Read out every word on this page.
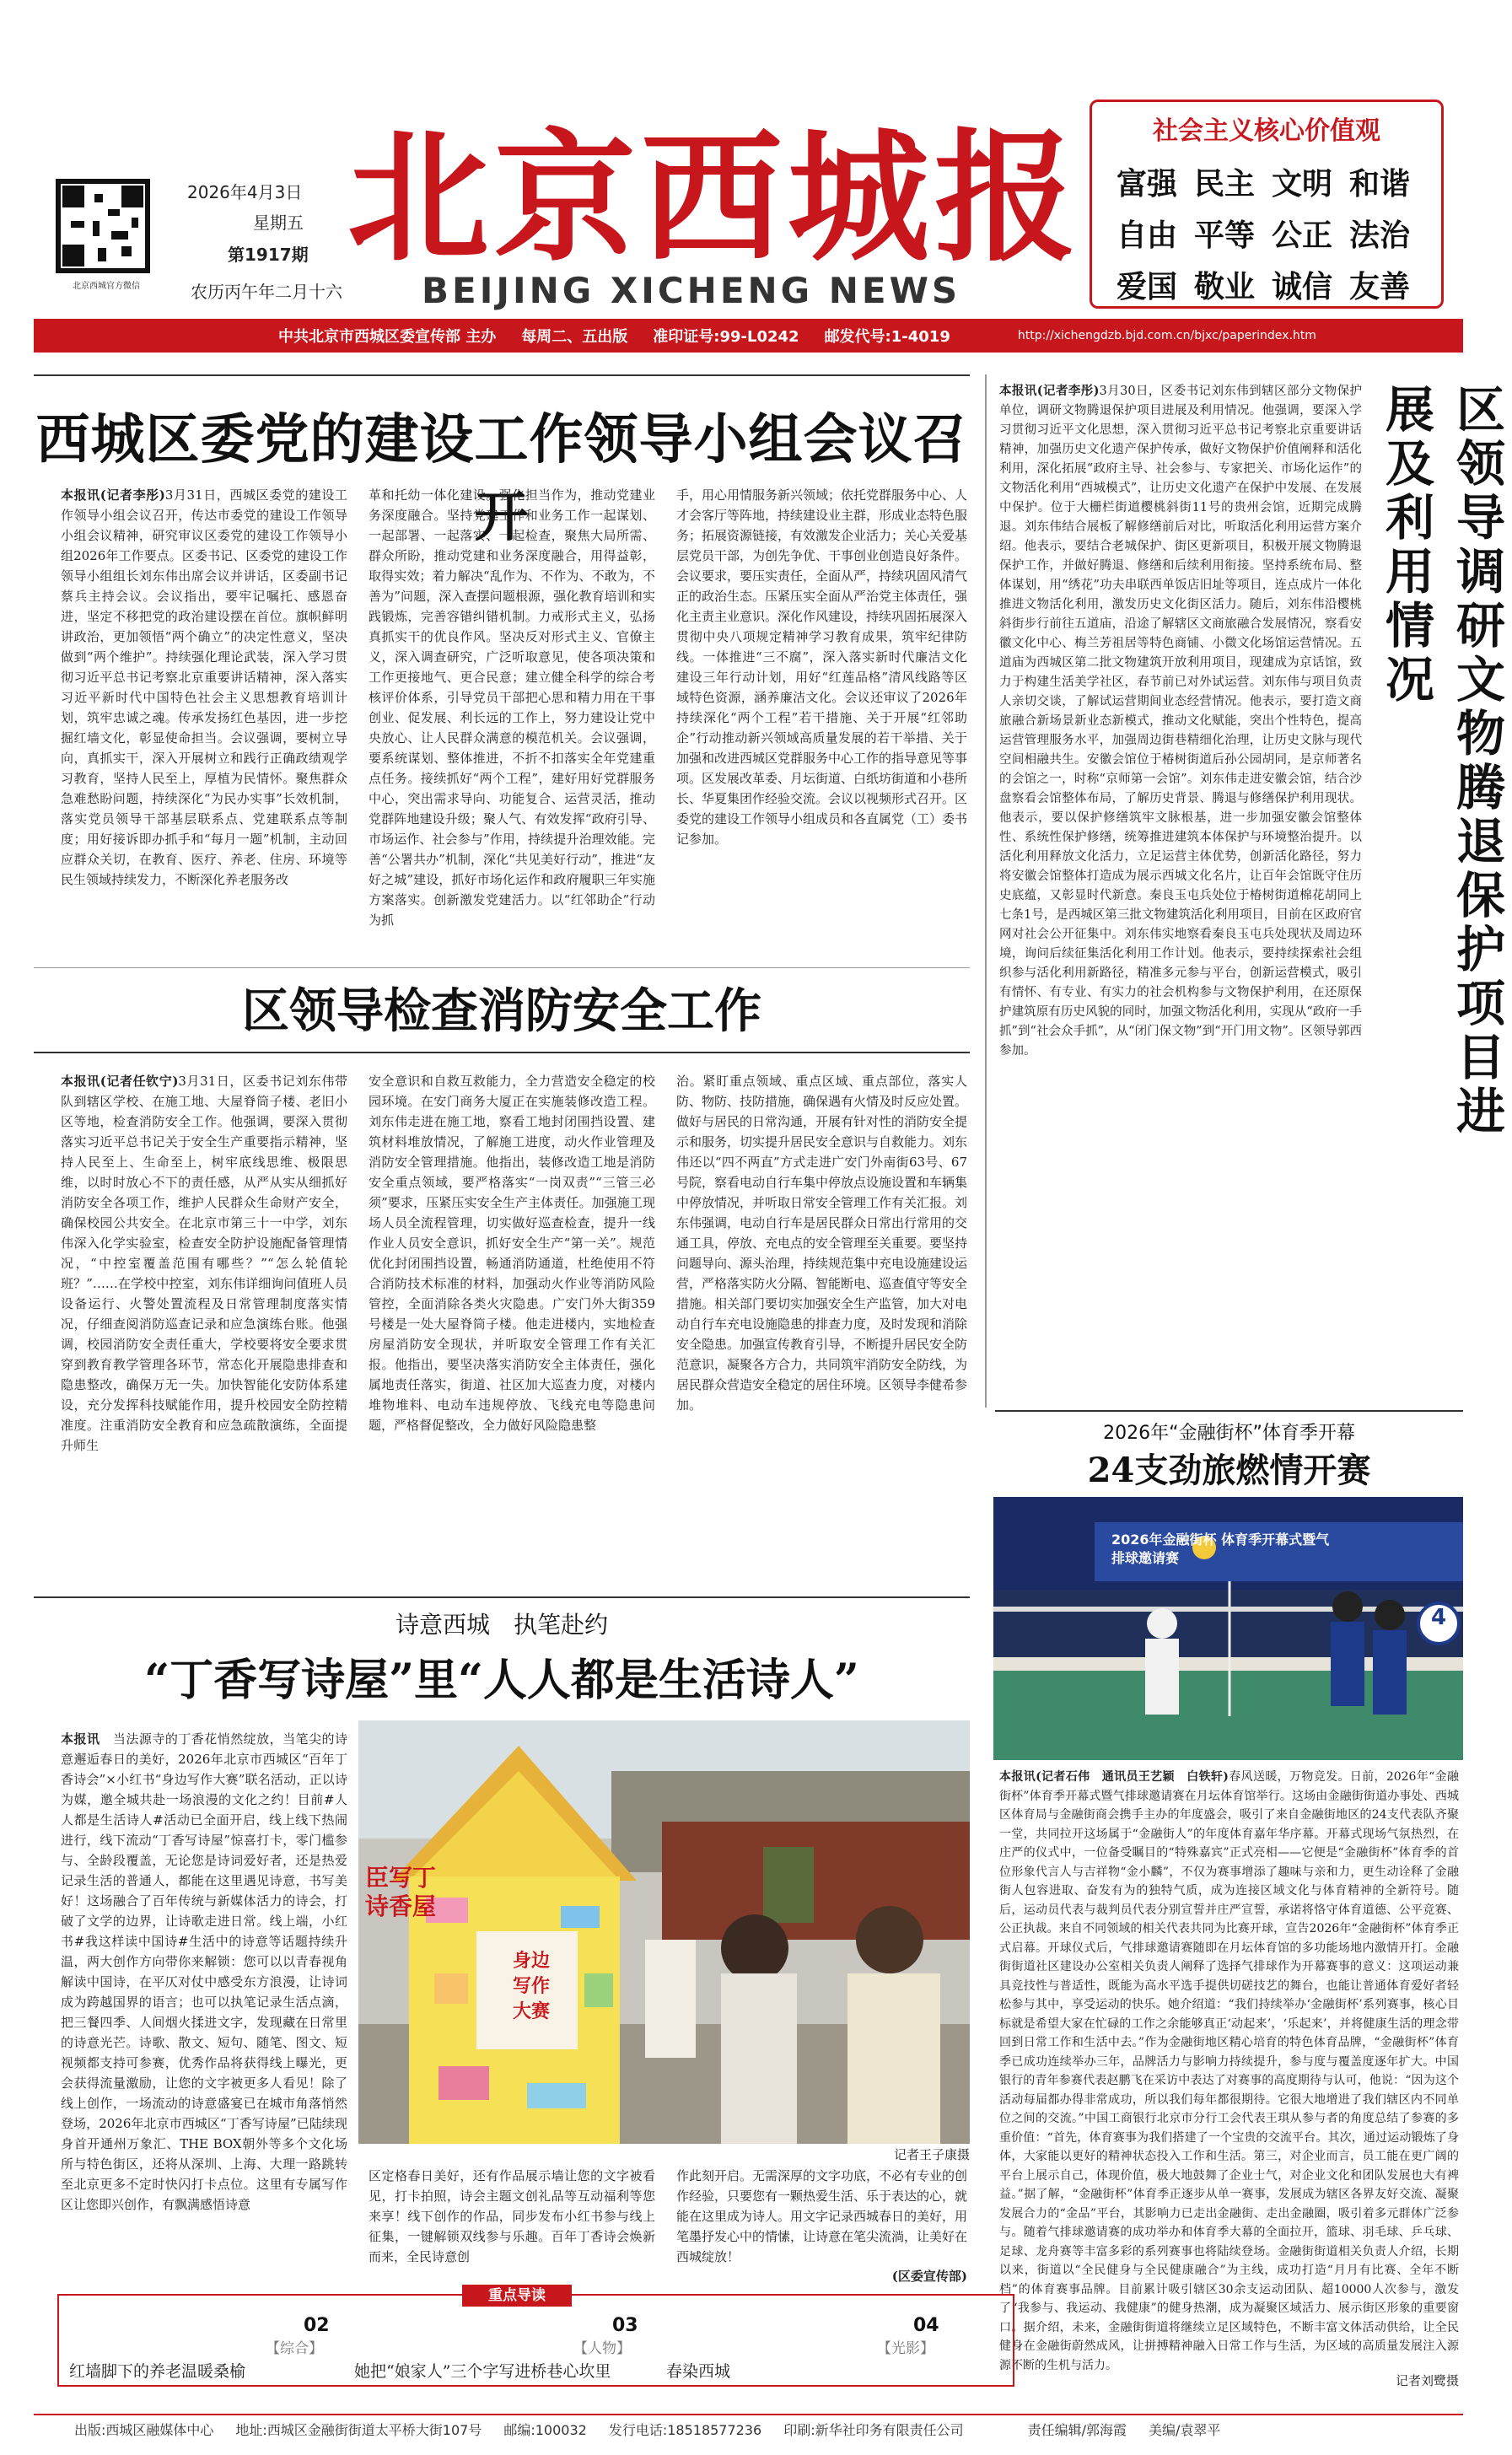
北京西城官方微信
2026年4月3日
星期五
第1917期
农历丙午年二月十六
北京西城报
BEIJING XICHENG NEWS
社会主义核心价值观
富强 民主 文明 和谐
自由 平等 公正 法治
爱国 敬业 诚信 友善
中共北京市西城区委宣传部 主办 每周二、五出版 准印证号:99-L0242 邮发代号:1-4019	http://xichengdzb.bjd.com.cn/bjxc/paperindex.htm
西城区委党的建设工作领导小组会议召开
本报讯(记者李彤)3月31日，西城区委党的建设工作领导小组会议召开，传达市委党的建设工作领导小组会议精神，研究审议区委党的建设工作领导小组2026年工作要点。区委书记、区委党的建设工作领导小组组长刘东伟出席会议并讲话，区委副书记蔡兵主持会议。会议指出，要牢记嘱托、感恩奋进，坚定不移把党的政治建设摆在首位。旗帜鲜明讲政治，更加领悟“两个确立”的决定性意义，坚决做到“两个维护”。持续强化理论武装，深入学习贯彻习近平总书记考察北京重要讲话精神，深入落实习近平新时代中国特色社会主义思想教育培训计划，筑牢忠诚之魂。传承发扬红色基因，进一步挖掘红墙文化，彰显使命担当。会议强调，要树立导向，真抓实干，深入开展树立和践行正确政绩观学习教育，坚持人民至上，厚植为民情怀。聚焦群众急难愁盼问题，持续深化“为民办实事”长效机制，落实党员领导干部基层联系点、党建联系点等制度；用好接诉即办抓手和“每月一题”机制，主动回应群众关切，在教育、医疗、养老、住房、环境等民生领域持续发力，不断深化养老服务改
革和托幼一体化建设。强化担当作为，推动党建业务深度融合。坚持党建工作和业务工作一起谋划、一起部署、一起落实、一起检查，聚焦大局所需、群众所盼，推动党建和业务深度融合，用得益彰，取得实效；着力解决“乱作为、不作为、不敢为，不善为”问题，深入查摆问题根源，强化教育培训和实践锻炼，完善容错纠错机制。力戒形式主义，弘扬真抓实干的优良作风。坚决反对形式主义、官僚主义，深入调查研究，广泛听取意见，使各项决策和工作更接地气、更合民意；建立健全科学的综合考核评价体系，引导党员干部把心思和精力用在干事创业、促发展、利长远的工作上，努力建设让党中央放心、让人民群众满意的模范机关。会议强调，要系统谋划、整体推进，不折不扣落实全年党建重点任务。接续抓好“两个工程”，建好用好党群服务中心，突出需求导向、功能复合、运营灵活，推动党群阵地建设升级；聚人气、有效发挥“政府引导、市场运作、社会参与”作用，持续提升治理效能。完善“公署共办”机制，深化“共见美好行动”，推进“友好之城”建设，抓好市场化运作和政府履职三年实施方案落实。创新激发党建活力。以“红邻助企”行动为抓
手，用心用情服务新兴领域；依托党群服务中心、人才会客厅等阵地，持续建设业主群，形成业态特色服务；拓展资源链接，有效激发企业活力；关心关爱基层党员干部，为创先争优、干事创业创造良好条件。会议要求，要压实责任，全面从严，持续巩固风清气正的政治生态。压紧压实全面从严治党主体责任，强化主责主业意识。深化作风建设，持续巩固拓展深入贯彻中央八项规定精神学习教育成果，筑牢纪律防线。一体推进“三不腐”，深入落实新时代廉洁文化建设三年行动计划，用好“红莲品格”清风线路等区域特色资源，涵养廉洁文化。会议还审议了2026年持续深化“两个工程”若干措施、关于开展“红邻助企”行动推动新兴领域高质量发展的若干举措、关于加强和改进西城区党群服务中心工作的指导意见等事项。区发展改革委、月坛街道、白纸坊街道和小巷所长、华夏集团作经验交流。会议以视频形式召开。区委党的建设工作领导小组成员和各直属党（工）委书记参加。
区领导检查消防安全工作
本报讯(记者任钦宁)3月31日，区委书记刘东伟带队到辖区学校、在施工地、大屋脊筒子楼、老旧小区等地，检查消防安全工作。他强调，要深入贯彻落实习近平总书记关于安全生产重要指示精神，坚持人民至上、生命至上，树牢底线思维、极限思维，以时时放心不下的责任感，从严从实从细抓好消防安全各项工作，维护人民群众生命财产安全，确保校园公共安全。在北京市第三十一中学，刘东伟深入化学实验室，检查安全防护设施配备管理情况，“中控室覆盖范围有哪些？”“怎么轮值轮班？”……在学校中控室，刘东伟详细询问值班人员设备运行、火警处置流程及日常管理制度落实情况，仔细查阅消防巡查记录和应急演练台账。他强调，校园消防安全责任重大，学校要将安全要求贯穿到教育教学管理各环节，常态化开展隐患排查和隐患整改，确保万无一失。加快智能化安防体系建设，充分发挥科技赋能作用，提升校园安全防控精准度。注重消防安全教育和应急疏散演练，全面提升师生
安全意识和自救互救能力，全力营造安全稳定的校园环境。在安门商务大厦正在实施装修改造工程。刘东伟走进在施工地，察看工地封闭围挡设置、建筑材料堆放情况，了解施工进度，动火作业管理及消防安全管理措施。他指出，装修改造工地是消防安全重点领域，要严格落实“一岗双责”“三管三必须”要求，压紧压实安全生产主体责任。加强施工现场人员全流程管理，切实做好巡查检查，提升一线作业人员安全意识，抓好安全生产“第一关”。规范优化封闭围挡设置，畅通消防通道，杜绝使用不符合消防技术标准的材料，加强动火作业等消防风险管控，全面消除各类火灾隐患。广安门外大街359号楼是一处大屋脊筒子楼。他走进楼内，实地检查房屋消防安全现状，并听取安全管理工作有关汇报。他指出，要坚决落实消防安全主体责任，强化属地责任落实，街道、社区加大巡查力度，对楼内堆物堆料、电动车违规停放、飞线充电等隐患问题，严格督促整改，全力做好风险隐患整
治。紧盯重点领域、重点区域、重点部位，落实人防、物防、技防措施，确保遇有火情及时反应处置。做好与居民的日常沟通，开展有针对性的消防安全提示和服务，切实提升居民安全意识与自救能力。刘东伟还以“四不两直”方式走进广安门外南街63号、67号院，察看电动自行车集中停放点设施设置和车辆集中停放情况，并听取日常安全管理工作有关汇报。刘东伟强调，电动自行车是居民群众日常出行常用的交通工具，停放、充电点的安全管理至关重要。要坚持问题导向、源头治理，持续规范集中充电设施建设运营，严格落实防火分隔、智能断电、巡查值守等安全措施。相关部门要切实加强安全生产监管，加大对电动自行车充电设施隐患的排查力度，及时发现和消除安全隐患。加强宣传教育引导，不断提升居民安全防范意识，凝聚各方合力，共同筑牢消防安全防线，为居民群众营造安全稳定的居住环境。区领导李健希参加。
诗意西城　执笔赴约
“丁香写诗屋”里“人人都是生活诗人”
本报讯　 当法源寺的丁香花悄然绽放，当笔尖的诗意邂逅春日的美好，2026年北京市西城区“百年丁香诗会”×小红书“身边写作大赛”联名活动，正以诗为媒，邀全城共赴一场浪漫的文化之约！目前#人人都是生活诗人#活动已全面开启，线上线下热闹进行，线下流动“丁香写诗屋”惊喜打卡，零门槛参与、全龄段覆盖，无论您是诗词爱好者，还是热爱记录生活的普通人，都能在这里遇见诗意，书写美好！这场融合了百年传统与新媒体活力的诗会，打破了文学的边界，让诗歌走进日常。线上端，小红书#我这样读中国诗#生活中的诗意等话题持续升温，两大创作方向带你来解锁：您可以以青春视角解读中国诗，在平仄对仗中感受东方浪漫，让诗词成为跨越国界的语言；也可以执笔记录生活点滴，把三餐四季、人间烟火揉进文字，发现藏在日常里的诗意光芒。诗歌、散文、短句、随笔、图文、短视频都支持可参赛，优秀作品将获得线上曝光，更会获得流量激励，让您的文字被更多人看见！除了线上创作，一场流动的诗意盛宴已在城市角落悄然登场，2026年北京市西城区“丁香写诗屋”已陆续现身首开通州万象汇、THE BOX朝外等多个文化场所与特色街区，还将从深圳、上海、大理一路跳转至北京更多不定时快闪打卡点位。这里有专属写作区让您即兴创作，有飘满感悟诗意
臣写丁
诗香屋
身边
写作
大赛
记者王子康摄
区定格春日美好，还有作品展示墙让您的文字被看见，打卡拍照，诗会主题文创礼品等互动福利等您来享！线下创作的作品，同步发布小红书参与线上征集，一键解锁双线参与乐趣。百年丁香诗会焕新而来，全民诗意创
作此刻开启。无需深厚的文字功底，不必有专业的创作经验，只要您有一颗热爱生活、乐于表达的心，就能在这里成为诗人。用文字记录西城春日的美好，用笔墨抒发心中的情愫，让诗意在笔尖流淌，让美好在西城绽放！
(区委宣传部)
本报讯(记者李彤)3月30日，区委书记刘东伟到辖区部分文物保护单位，调研文物腾退保护项目进展及利用情况。他强调，要深入学习贯彻习近平文化思想，深入贯彻习近平总书记考察北京重要讲话精神，加强历史文化遗产保护传承，做好文物保护价值阐释和活化利用，深化拓展“政府主导、社会参与、专家把关、市场化运作”的文物活化利用“西城模式”，让历史文化遗产在保护中发展、在发展中保护。位于大栅栏街道樱桃斜街11号的贵州会馆，近期完成腾退。刘东伟结合展板了解修缮前后对比，听取活化利用运营方案介绍。他表示，要结合老城保护、街区更新项目，积极开展文物腾退保护工作，并做好腾退、修缮和后续利用衔接。坚持系统布局、整体谋划，用“绣花”功夫串联西单饭店旧址等项目，连点成片一体化推进文物活化利用，激发历史文化街区活力。随后，刘东伟沿樱桃斜街步行前往五道庙，沿途了解辖区文商旅融合发展情况，察看安徽文化中心、梅兰芳祖居等特色商铺、小微文化场馆运营情况。五道庙为西城区第二批文物建筑开放利用项目，现建成为京话馆，致力于构建生活美学社区，春节前已对外试运营。刘东伟与项目负责人亲切交谈，了解试运营期间业态经营情况。他表示，要打造文商旅融合新场景新业态新模式，推动文化赋能，突出个性特色，提高运营管理服务水平，加强周边街巷精细化治理，让历史文脉与现代空间相融共生。安徽会馆位于椿树街道后孙公园胡同，是京师著名的会馆之一，时称“京师第一会馆”。刘东伟走进安徽会馆，结合沙盘察看会馆整体布局，了解历史背景、腾退与修缮保护利用现状。他表示，要以保护修缮筑牢文脉根基，进一步加强安徽会馆整体性、系统性保护修缮，统筹推进建筑本体保护与环境整治提升。以活化利用释放文化活力，立足运营主体优势，创新活化路径，努力将安徽会馆整体打造成为展示西城文化名片，让百年会馆既守住历史底蕴，又彰显时代新意。秦良玉屯兵处位于椿树街道棉花胡同上七条1号，是西城区第三批文物建筑活化利用项目，目前在区政府官网对社会公开征集中。刘东伟实地察看秦良玉屯兵处现状及周边环境，询问后续征集活化利用工作计划。他表示，要持续探索社会组织参与活化利用新路径，精准多元参与平台，创新运营模式，吸引有情怀、有专业、有实力的社会机构参与文物保护利用，在还原保护建筑原有历史风貌的同时，加强文物活化利用，实现从“政府一手抓”到“社会众手抓”，从“闭门保文物”到“开门用文物”。区领导郭西参加。	区领导调研文物腾退保护项目进展及利用情况
2026年“金融街杯”体育季开幕
24支劲旅燃情开赛
2026年金融街杯 体育季开幕式暨气排球邀请赛
4
本报讯(记者石伟　通讯员王艺颖　白铁轩)春风送暖，万物竞发。日前，2026年“金融街杯”体育季开幕式暨气排球邀请赛在月坛体育馆举行。这场由金融街街道办事处、西城区体育局与金融街商会携手主办的年度盛会，吸引了来自金融街地区的24支代表队齐聚一堂，共同拉开这场属于“金融街人”的年度体育嘉年华序幕。开幕式现场气氛热烈，在庄严的仪式中，一位备受瞩目的“特殊嘉宾”正式亮相——它便是“金融街杯”体育季的首位形象代言人与吉祥物“金小麟”，不仅为赛事增添了趣味与亲和力，更生动诠释了金融街人包容进取、奋发有为的独特气质，成为连接区域文化与体育精神的全新符号。随后，运动员代表与裁判员代表分别宣誓并庄严宣誓，承诺将恪守体育道德、公平竞赛、公正执裁。来自不同领域的相关代表共同为比赛开球，宣告2026年“金融街杯”体育季正式启幕。开球仪式后，气排球邀请赛随即在月坛体育馆的多功能场地内激情开打。金融街街道社区建设办公室相关负责人阐释了选择气排球作为开幕赛事的意义：这项运动兼具竞技性与普适性，既能为高水平选手提供切磋技艺的舞台，也能让普通体育爱好者轻松参与其中，享受运动的快乐。她介绍道：“我们持续举办‘金融街杯’系列赛事，核心目标就是希望大家在忙碌的工作之余能够真正‘动起来’，‘乐起来’，并将健康生活的理念带回到日常工作和生活中去。”作为金融街地区精心培育的特色体育品牌，“金融街杯”体育季已成功连续举办三年，品牌活力与影响力持续提升，参与度与覆盖度逐年扩大。中国银行的青年参赛代表赵鹏飞在采访中表达了对赛事的高度期待与认可，他说：“因为这个活动每届都办得非常成功，所以我们每年都很期待。它很大地增进了我们辖区内不同单位之间的交流。”中国工商银行北京市分行工会代表王琪从参与者的角度总结了参赛的多重价值：“首先，体育赛事为我们搭建了一个宝贵的交流平台。其次，通过运动锻炼了身体，大家能以更好的精神状态投入工作和生活。第三，对企业而言，员工能在更广阔的平台上展示自己，体现价值，极大地鼓舞了企业士气，对企业文化和团队发展也大有裨益。”据了解，“金融街杯”体育季正逐步从单一赛事，发展成为辖区各界友好交流、凝聚发展合力的“金品”平台，其影响力已走出金融街、走出金融圈，吸引着多元群体广泛参与。随着气排球邀请赛的成功举办和体育季大幕的全面拉开，篮球、羽毛球、乒乓球、足球、龙舟赛等丰富多彩的系列赛事也将陆续登场。金融街街道相关负责人介绍，长期以来，街道以“全民健身与全民健康融合”为主线，成功打造“月月有比赛、全年不断档”的体育赛事品牌。目前累计吸引辖区30余支运动团队、超10000人次参与，激发了“我参与、我运动、我健康”的健身热潮，成为凝聚区域活力、展示街区形象的重要窗口。据介绍，未来，金融街街道将继续立足区域特色，不断丰富文体活动供给，让全民健身在金融街蔚然成风，让拼搏精神融入日常工作与生活，为区域的高质量发展注入源源不断的生机与活力。
记者刘鹭摄
重点导读
02
【综合】
红墙脚下的养老温暖桑榆
03
【人物】
她把“娘家人”三个字写进桥巷心坎里
04
【光影】
春染西城
出版:西城区融媒体中心 地址:西城区金融街街道太平桥大街107号 邮编:100032 发行电话:18518577236 印刷:新华社印务有限责任公司	责任编辑/郭海霞 美编/袁翠平
